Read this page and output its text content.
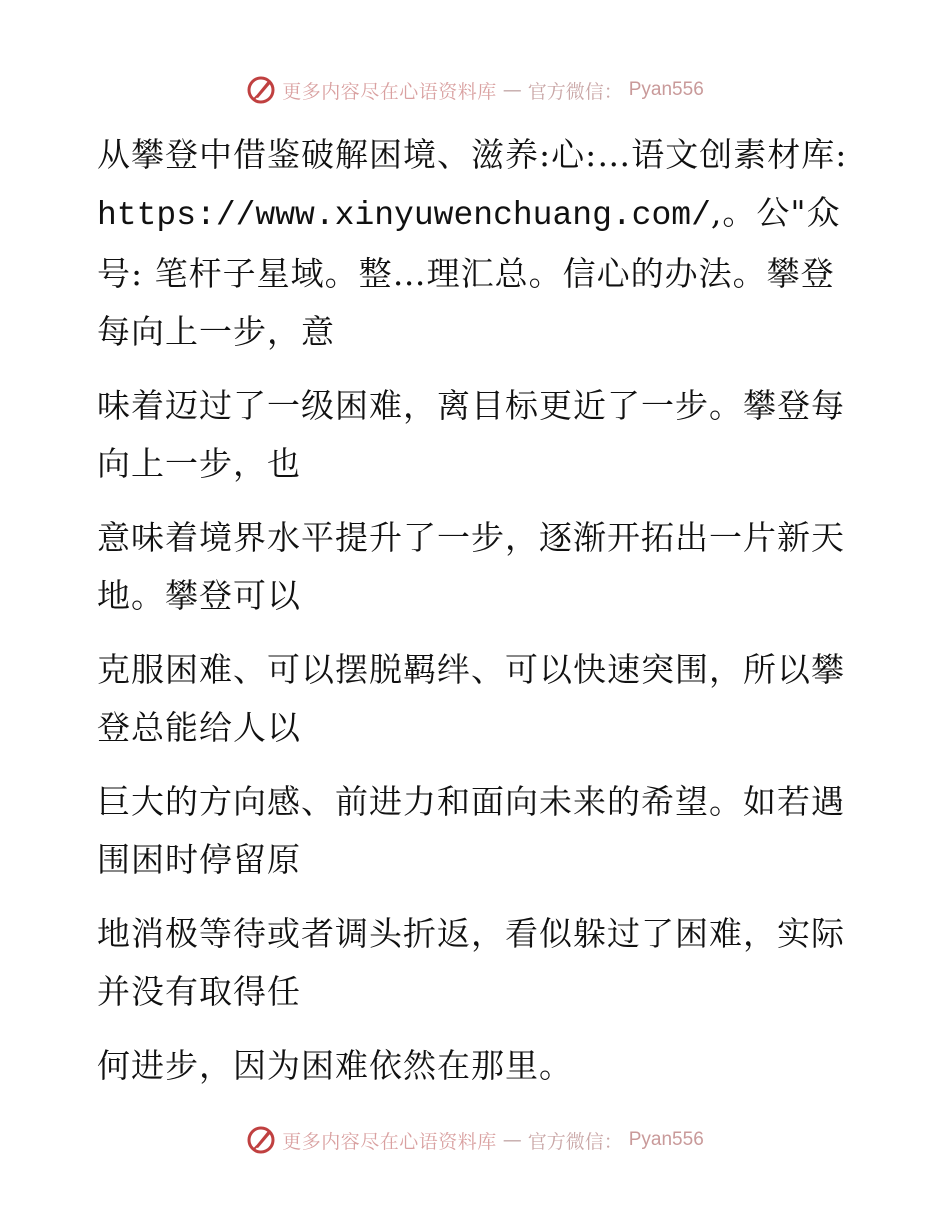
更多内容尽在心语资料库 — 官方微信： Pyan556

从攀登中借鉴破解困境、滋养:心:…语文创素材库: https://www.xinyuwenchuang.com/,。公"众号: 笔杆子星域。整…理汇总。信心的办法。攀登每向上一步，意

味着迈过了一级困难，离目标更近了一步。攀登每向上一步，也

意味着境界水平提升了一步，逐渐开拓出一片新天地。攀登可以

克服困难、可以摆脱羁绊、可以快速突围，所以攀登总能给人以

巨大的方向感、前进力和面向未来的希望。如若遇围困时停留原

地消极等待或者调头折返，看似躲过了困难，实际并没有取得任

何进步，因为困难依然在那里。

更多内容尽在心语资料库 — 官方微信： Pyan556
